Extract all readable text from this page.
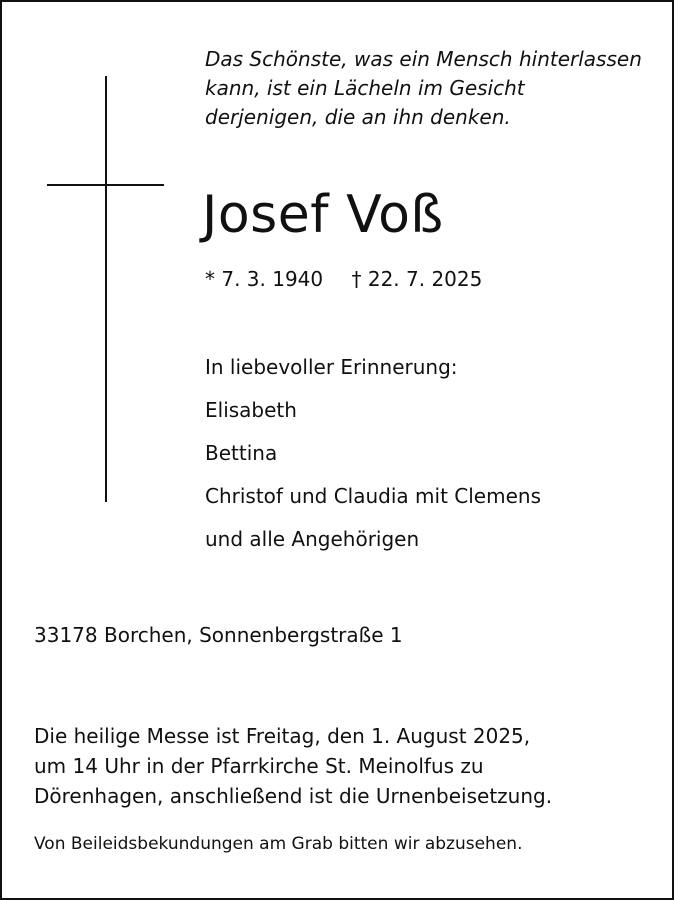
Das Schönste, was ein Mensch hinterlassen
kann, ist ein Lächeln im Gesicht
derjenigen, die an ihn denken.

Josef Voß
* 7. 3. 1940 † 22. 7. 2025
In liebevoller Erinnerung:
Elisabeth
Bettina
Christof und Claudia mit Clemens
und alle Angehörigen
33178 Borchen, Sonnenbergstraße 1

Die heilige Messe ist Freitag, den 1. August 2025,
um 14 Uhr in der Pfarrkirche St. Meinolfus zu
Dörenhagen, anschließend ist die Urnenbeisetzung.

Von Beileidsbekundungen am Grab bitten wir abzusehen.
